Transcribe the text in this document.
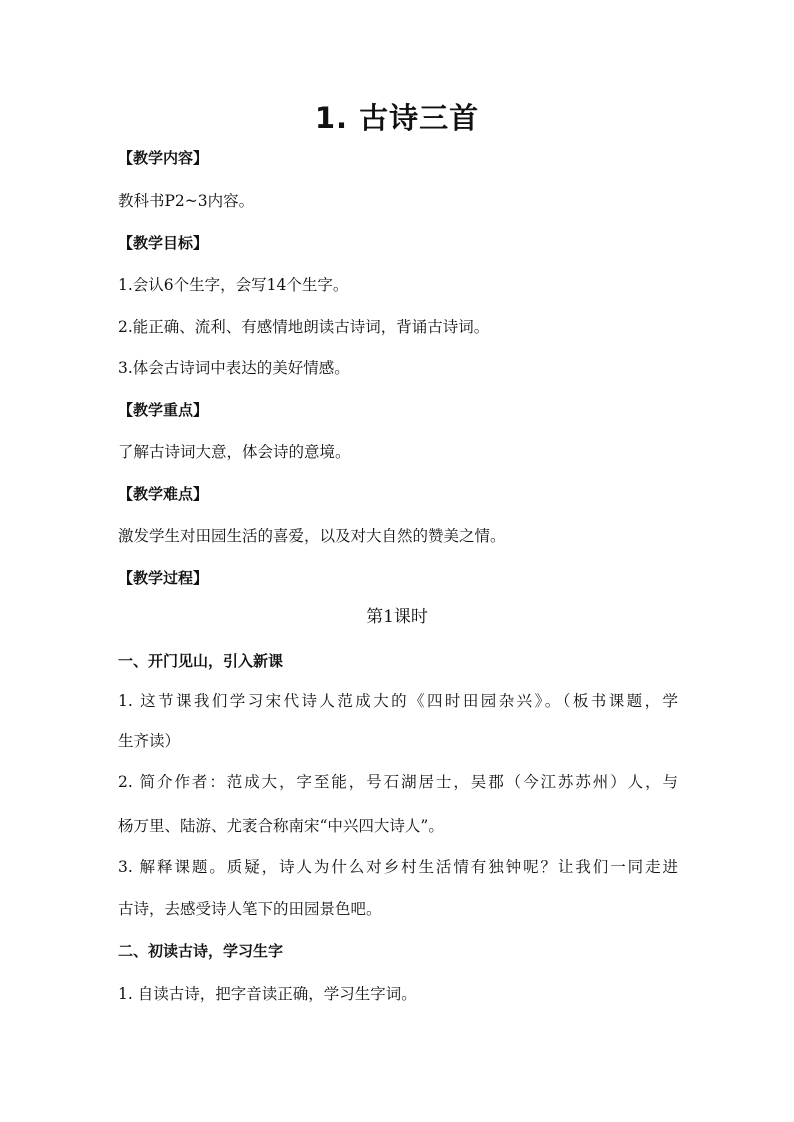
1. 古诗三首
【教学内容】
教科书P2~3内容。
【教学目标】
1.会认6个生字，会写14个生字。
2.能正确、流利、有感情地朗读古诗词，背诵古诗词。
3.体会古诗词中表达的美好情感。
【教学重点】
了解古诗词大意，体会诗的意境。
【教学难点】
激发学生对田园生活的喜爱，以及对大自然的赞美之情。
【教学过程】
第1课时
一、开门见山，引入新课
1. 这节课我们学习宋代诗人范成大的《四时田园杂兴》。（板书课题，学
生齐读）
2. 简介作者：范成大，字至能，号石湖居士，吴郡（今江苏苏州）人，与
杨万里、陆游、尤袤合称南宋“中兴四大诗人”。
3. 解释课题。质疑，诗人为什么对乡村生活情有独钟呢？让我们一同走进
古诗，去感受诗人笔下的田园景色吧。
二、初读古诗，学习生字
1. 自读古诗，把字音读正确，学习生字词。
